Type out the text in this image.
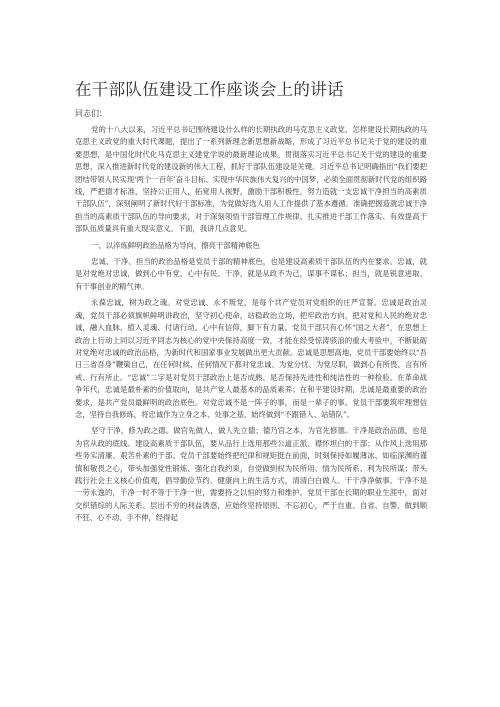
在干部队伍建设工作座谈会上的讲话
同志们：

党的十八大以来，习近平总书记围绕建设什么样的长期执政的马克思主义政党、怎样建设长期执政的马克思主义政党的重大时代课题，提出了一系列新理念新思想新战略，形成了习近平总书记关于党的建设的重要思想，是中国化时代化马克思主义建党学说的最新理论成果。贯彻落实习近平总书记关于党的建设的重要思想，深入推进新时代党的建设新的伟大工程，抓好干部队伍建设是关键。习近平总书记明确指出“我们要把团结带领人民实现‘两个一百年’奋斗目标、实现中华民族伟大复兴的中国梦，必须全面贯彻新时代党的组织路线，严把德才标准，坚持公正用人，拓宽用人视野，激励干部积极性，努力造就一支忠诚干净担当的高素质干部队伍”，深刻阐明了新时代好干部标准，为党做好选人用人工作提供了基本遵循。准确把握造就忠诚干净担当的高素质干部队伍的导向要求，对于深刻领悟干部管理工作规律、扎实推进干部工作落实、有效提高干部队伍质量具有重大现实意义。下面，我讲几点意见。

一、以淬炼鲜明政治品格为导向，擦亮干部精神底色

忠诚、干净、担当的政治品格是党员干部的精神底色，也是建设高素质干部队伍的内在要求。忠诚，就是对党绝对忠诚，做到心中有党、心中有民、干净，就是从政不为己，谋事不谋私；担当，就是锐意进取、有干事创业的精气神。

永葆忠诚，树为政之魂。对党忠诚、永不叛党，是每个共产党员对党组织的庄严宣誓。忠诚是政治灵魂，党员干部必须旗帜鲜明讲政治，坚守初心使命，站稳政治立场，把牢政治方向，把对党和人民的绝对忠诚，融入血脉、植入灵魂、付诸行动。心中有信仰，脚下有力量。党员干部只有心怀“国之大者”，在思想上政治上行动上同以习近平同志为核心的党中央保持高度一致，才能在经受惊涛骇浪的重大考验中，不断砥砺对党绝对忠诚的政治品格，为新时代和国家事业发展做出更大贡献。忠诚是思想高地，党员干部要始终以“吾日三省吾身”鞭策自己，在任何时候、任何情况下都对党忠诚、为党分忧、为党尽职，做到心有所畏、言有所戒、行有所止。“忠诚”二字是对党员干部政治上是否成熟、是否保持先进性和纯洁性的一种检验。在革命战争年代，忠诚是最朴素的价值取向，是共产党人最基本的品质素养；在和平建设时期，忠诚是最重要的政治要求，是共产党员最鲜明的政治底色。对党忠诚不是一阵子的事，而是一辈子的事。党员干部要筑牢理想信念，坚持自我修炼，将忠诚作为立身之本、处事之基，始终做到“不跟错人、站错队”。

坚守干净，修为政之德。做官先做人，做人先立德；德乃官之本，为官先修德。干净是政治品德，也是为官从政的底线。建设高素质干部队伍，要从品行上选用那些公道正派、襟怀坦白的干部；从作风上选用那些务实清廉、艰苦朴素的干部。党员干部要始终把纪律和规矩挺在前面，时刻保持如履薄冰、如临深渊的谨慎和敬畏之心，带头加强党性锻炼、强化自我约束，自觉做到权为民所用、情为民所系、利为民所谋；带头践行社会主义核心价值观，倡导勤俭节约、健康向上的生活方式，清清白白做人、干干净净做事。干净不是一劳永逸的，干净一时不等于干净一世，需要持之以恒的努力和维护。党员干部在长期的职业生涯中，面对交织错综的人际关系、层出不穷的利益诱惑，应始终坚持原则、不忘初心，严于自重、自省、自警，做到顺不狂、心不动、手不伸，经得起
